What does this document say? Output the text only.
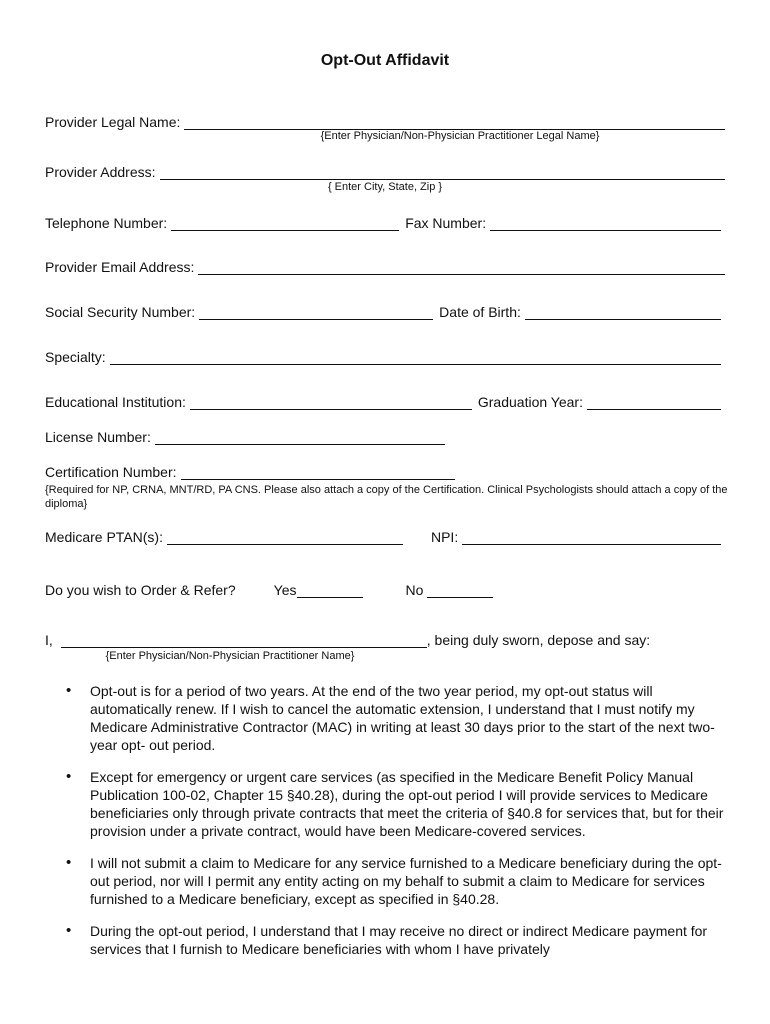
Opt-Out Affidavit
Provider Legal Name:
{Enter Physician/Non-Physician Practitioner Legal Name}
Provider Address:
{ Enter City, State, Zip }
Telephone Number:	Fax Number:
Provider Email Address:
Social Security Number:	Date of Birth:
Specialty:
Educational Institution:	Graduation Year:
License Number:
Certification Number:
{Required for NP, CRNA, MNT/RD, PA CNS. Please also attach a copy of the Certification. Clinical Psychologists should attach a copy of the diploma}
Medicare PTAN(s):	NPI:
Do you wish to Order & Refer?	Yes	No
I,	, being duly sworn, depose and say:
{Enter Physician/Non-Physician Practitioner Name}
• Opt-out is for a period of two years. At the end of the two year period, my opt-out status will automatically renew. If I wish to cancel the automatic extension, I understand that I must notify my Medicare Administrative Contractor (MAC) in writing at least 30 days prior to the start of the next two-year opt- out period.
• Except for emergency or urgent care services (as specified in the Medicare Benefit Policy Manual Publication 100-02, Chapter 15 §40.28), during the opt-out period I will provide services to Medicare beneficiaries only through private contracts that meet the criteria of §40.8 for services that, but for their provision under a private contract, would have been Medicare-covered services.
• I will not submit a claim to Medicare for any service furnished to a Medicare beneficiary during the opt-out period, nor will I permit any entity acting on my behalf to submit a claim to Medicare for services furnished to a Medicare beneficiary, except as specified in §40.28.
• During the opt-out period, I understand that I may receive no direct or indirect Medicare payment for services that I furnish to Medicare beneficiaries with whom I have privately
